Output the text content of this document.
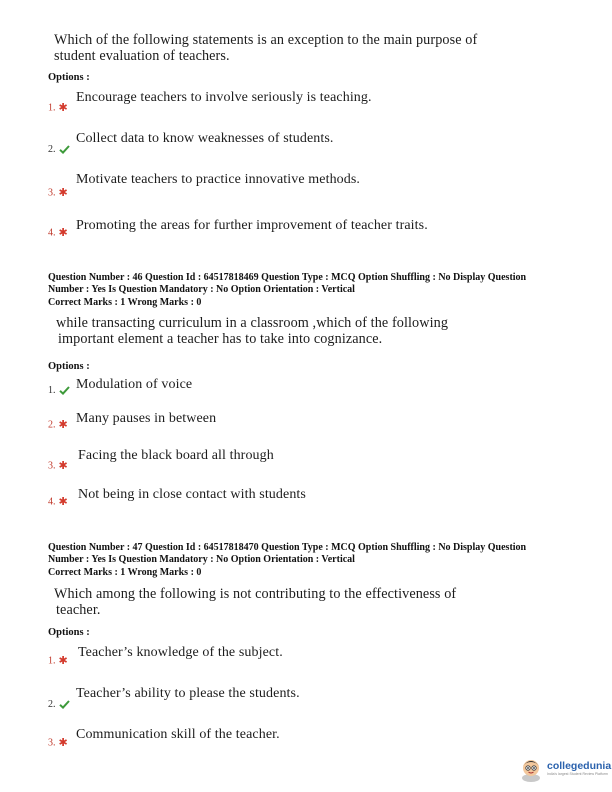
Which of the following statements is an exception to the main purpose of
student evaluation of teachers.
Options :
Encourage teachers to involve seriously is teaching.
1. ✱
Collect data to know weaknesses of students.
2.
Motivate teachers to practice innovative methods.
3. ✱
Promoting the areas for further improvement of teacher traits.
4. ✱
Question Number : 46 Question Id : 64517818469 Question Type : MCQ Option Shuffling : No Display Question
Number : Yes Is Question Mandatory : No Option Orientation : Vertical
Correct Marks : 1 Wrong Marks : 0
while transacting curriculum in a classroom ,which of the following
important element a teacher has to take into cognizance.
Options :
Modulation of voice
1.
Many pauses in between
2. ✱
Facing the black board all through
3. ✱
Not being in close contact with students
4. ✱
Question Number : 47 Question Id : 64517818470 Question Type : MCQ Option Shuffling : No Display Question
Number : Yes Is Question Mandatory : No Option Orientation : Vertical
Correct Marks : 1 Wrong Marks : 0
Which among the following is not contributing to the effectiveness of
teacher.
Options :
Teacher’s knowledge of the subject.
1. ✱
Teacher’s ability to please the students.
2.
Communication skill of the teacher.
3. ✱
collegedunia
India's largest Student Review Platform
